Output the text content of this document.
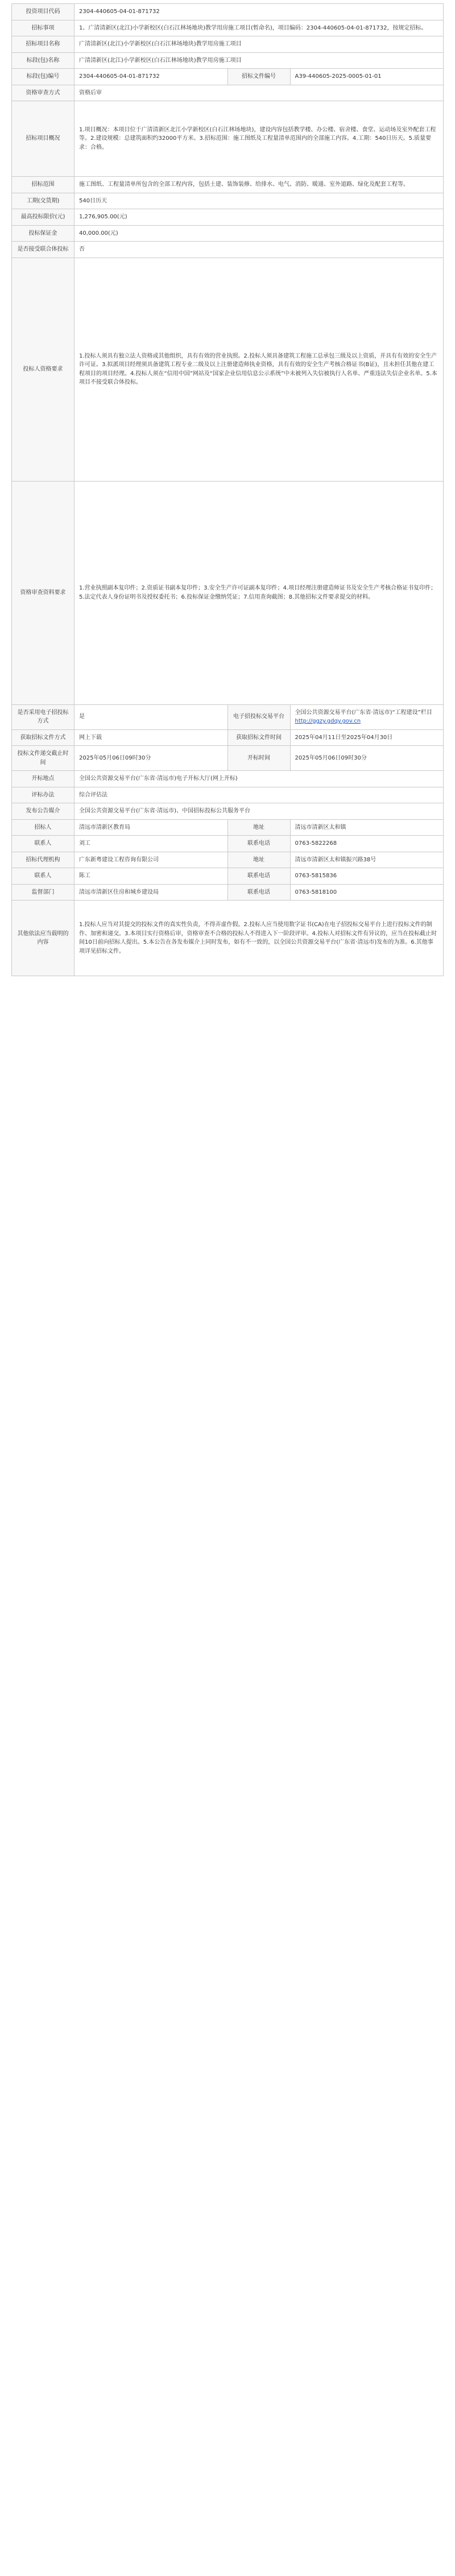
投资项目代码	2304-440605-04-01-871732		
招标事项	1、广清清新区(北江)小学新校区(白石江林场地块)教学用房施工项目(暂命名)，项目编码：2304-440605-04-01-871732，按规定招标。		
招标项目名称	广清清新区(北江)小学新校区(白石江林场地块)教学用房施工项目		
标段(包)名称	广清清新区(北江)小学新校区(白石江林场地块)教学用房施工项目		
标段(包)编号	2304-440605-04-01-871732	招标文件编号	A39-440605-2025-0005-01-01
资格审查方式	资格后审		
招标项目概况	1.项目概况：本项目位于广清清新区北江小学新校区(白石江林场地块)，建设内容包括教学楼、办公楼、宿舍楼、食堂、运动场及室外配套工程等。2.建设规模：总建筑面积约32000平方米。3.招标范围：施工图纸及工程量清单范围内的全部施工内容。4.工期：540日历天。5.质量要求：合格。		
招标范围	施工图纸、工程量清单所包含的全部工程内容，包括土建、装饰装修、给排水、电气、消防、暖通、室外道路、绿化及配套工程等。		
工期(交货期)	540日历天		
最高投标限价(元)	1,276,905.00(元)		
投标保证金	40,000.00(元)		
是否接受联合体投标	否		
投标人资格要求	1.投标人须具有独立法人资格或其他组织，具有有效的营业执照。2.投标人须具备建筑工程施工总承包三级及以上资质，并具有有效的安全生产许可证。3.拟派项目经理须具备建筑工程专业二级及以上注册建造师执业资格，具有有效的安全生产考核合格证书(B证)，且未担任其他在建工程项目的项目经理。4.投标人须在“信用中国”网站及“国家企业信用信息公示系统”中未被列入失信被执行人名单、严重违法失信企业名单。5.本项目不接受联合体投标。		
资格审查资料要求	1.营业执照副本复印件；2.资质证书副本复印件；3.安全生产许可证副本复印件；4.项目经理注册建造师证书及安全生产考核合格证书复印件；5.法定代表人身份证明书及授权委托书；6.投标保证金缴纳凭证；7.信用查询截图；8.其他招标文件要求提交的材料。		
是否采用电子招投标方式	是	电子招投标交易平台	全国公共资源交易平台(广东省·清远市)“工程建设”栏目
http://ggzy.gdqy.gov.cn

获取招标文件方式	网上下载	获取招标文件时间	2025年04月11日至2025年04月30日
投标文件递交截止时间	2025年05月06日09时30分	开标时间	2025年05月06日09时30分
开标地点	全国公共资源交易平台(广东省·清远市)电子开标大厅(网上开标)		
评标办法	综合评估法		
发布公告媒介	全国公共资源交易平台(广东省·清远市)、中国招标投标公共服务平台		
招标人	清远市清新区教育局	地址	清远市清新区太和镇
联系人	刘工	联系电话	0763-5822268
招标代理机构	广东新粤建设工程咨询有限公司	地址	清远市清新区太和镇振兴路38号
联系人	陈工	联系电话	0763-5815836
监督部门	清远市清新区住房和城乡建设局	联系电话	0763-5818100
其他依法应当载明的内容	1.投标人应当对其提交的投标文件的真实性负责，不得弄虚作假。2.投标人应当使用数字证书(CA)在电子招投标交易平台上进行投标文件的制作、加密和递交。3.本项目实行资格后审，资格审查不合格的投标人不得进入下一阶段评审。4.投标人对招标文件有异议的，应当在投标截止时间10日前向招标人提出。5.本公告在各发布媒介上同时发布，如有不一致的，以全国公共资源交易平台(广东省·清远市)发布的为准。6.其他事项详见招标文件。		
